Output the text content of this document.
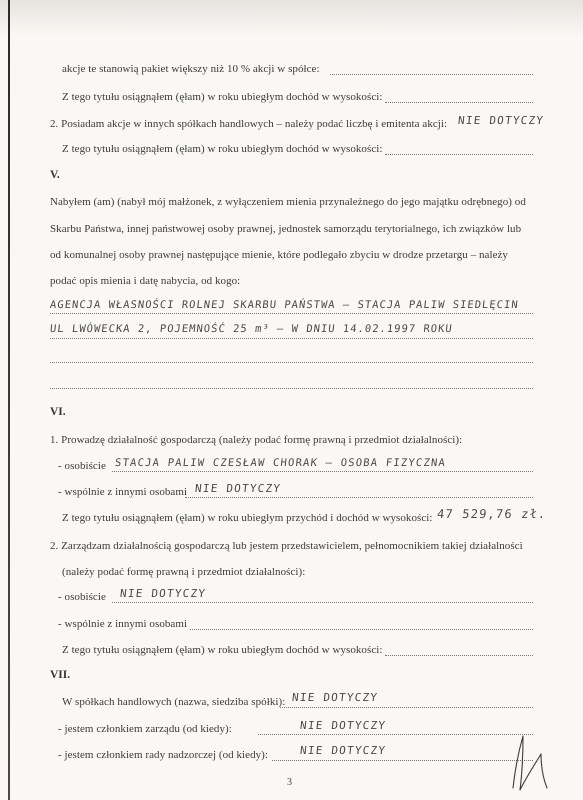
akcje te stanowią pakiet większy niż 10 % akcji w spółce:
Z tego tytułu osiągnąłem (ęłam) w roku ubiegłym dochód w wysokości:
2. Posiadam akcje w innych spółkach handlowych – należy podać liczbę i emitenta akcji: NIE DOTYCZY
Z tego tytułu osiągnąłem (ęłam) w roku ubiegłym dochód w wysokości:
V.
Nabyłem (am) (nabył mój małżonek, z wyłączeniem mienia przynależnego do jego majątku odrębnego) od
Skarbu Państwa, innej państwowej osoby prawnej, jednostek samorządu terytorialnego, ich związków lub
od komunalnej osoby prawnej następujące mienie, które podlegało zbyciu w drodze przetargu – należy
podać opis mienia i datę nabycia, od kogo:
AGENCJA WŁASNOŚCI ROLNEJ SKARBU PAŃSTWA – STACJA PALIW SIEDLĘCIN
UL LWÓWECKA 2, POJEMNOŚĆ 25 m³ – W DNIU 14.02.1997 ROKU
VI.
1. Prowadzę działalność gospodarczą (należy podać formę prawną i przedmiot działalności):
- osobiście STACJA PALIW CZESŁAW CHORAK – OSOBA FIZYCZNA
- wspólnie z innymi osobami NIE DOTYCZY
Z tego tytułu osiągnąłem (ęłam) w roku ubiegłym przychód i dochód w wysokości: 47 529,76 zł.
2. Zarządzam działalnością gospodarczą lub jestem przedstawicielem, pełnomocnikiem takiej działalności
(należy podać formę prawną i przedmiot działalności):
- osobiście NIE DOTYCZY
- wspólnie z innymi osobami
Z tego tytułu osiągnąłem (ęłam) w roku ubiegłym dochód w wysokości:
VII.
W spółkach handlowych (nazwa, siedziba spółki): NIE DOTYCZY
- jestem członkiem zarządu (od kiedy):	NIE DOTYCZY
- jestem członkiem rady nadzorczej (od kiedy):	NIE DOTYCZY
3
